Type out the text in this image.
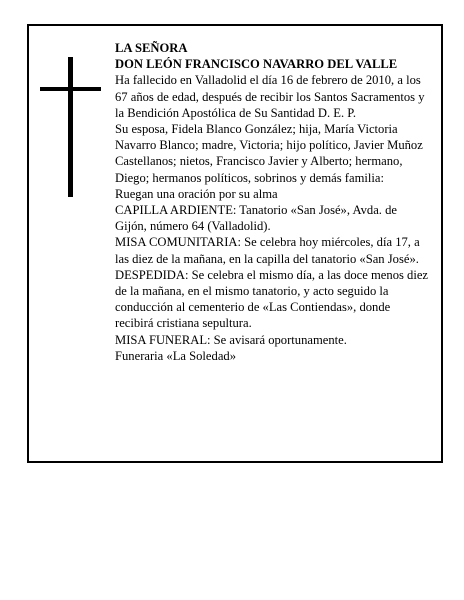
LA SEÑORA

DON LEÓN FRANCISCO NAVARRO DEL VALLE

Ha fallecido en Valladolid el día 16 de febrero de 2010, a los 67 años de edad, después de recibir los Santos Sacramentos y la Bendición Apostólica de Su Santidad D. E. P.

Su esposa, Fidela Blanco González; hija, María Victoria Navarro Blanco; madre, Victoria; hijo político, Javier Muñoz Castellanos; nietos, Francisco Javier y Alberto; hermano, Diego; hermanos políticos, sobrinos y demás familia:

Ruegan una oración por su alma

CAPILLA ARDIENTE: Tanatorio «San José», Avda. de Gijón, número 64 (Valladolid).

MISA COMUNITARIA: Se celebra hoy miércoles, día 17, a las diez de la mañana, en la capilla del tanatorio «San José».

DESPEDIDA: Se celebra el mismo día, a las doce menos diez de la mañana, en el mismo tanatorio, y acto seguido la conducción al cementerio de «Las Contiendas», donde recibirá cristiana sepultura.

MISA FUNERAL: Se avisará oportunamente.

Funeraria «La Soledad»
